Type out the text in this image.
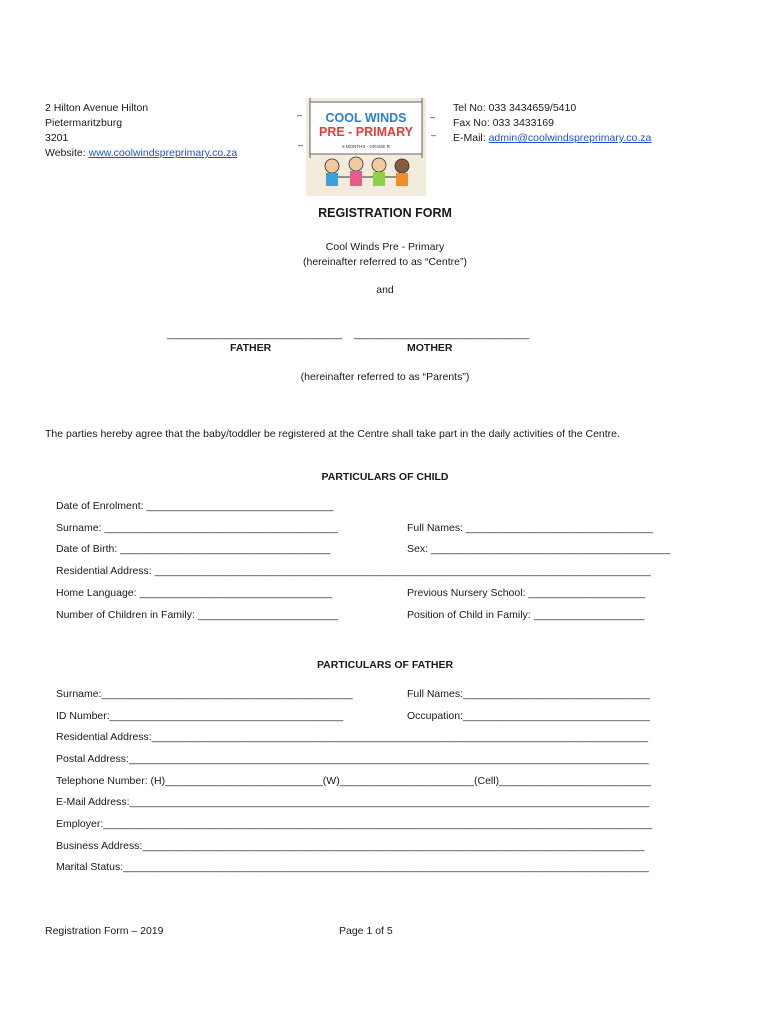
2 Hilton Avenue Hilton
Pietermaritzburg
3201
Website: www.coolwindspreprimary.co.za
COOL WINDS
PRE - PRIMARY
6 MONTHS - GRADE R
–
–
–
–
Tel No: 033 3434659/5410
Fax No: 033 3433169
E-Mail: admin@coolwindspreprimary.co.za
REGISTRATION FORM
Cool Winds Pre - Primary
(hereinafter referred to as “Centre”)
and
______________________________ ______________________________
FATHER	MOTHER
(hereinafter referred to as “Parents”)
The parties hereby agree that the baby/toddler be registered at the Centre shall take part in the daily activities of the Centre.
PARTICULARS OF CHILD
Date of Enrolment: ________________________________
Surname: ________________________________________	Full Names: ________________________________
Date of Birth: ____________________________________	Sex: _________________________________________
Residential Address: _____________________________________________________________________________________
Home Language: _________________________________	Previous Nursery School: ____________________
Number of Children in Family: ________________________	Position of Child in Family: ___________________
PARTICULARS OF FATHER
Surname:___________________________________________	Full Names:________________________________
ID Number:________________________________________	Occupation:________________________________
Residential Address:_____________________________________________________________________________________
Postal Address:_________________________________________________________________________________________
Telephone Number: (H)___________________________(W)_______________________(Cell)__________________________
E-Mail Address:_________________________________________________________________________________________
Employer:______________________________________________________________________________________________
Business Address:______________________________________________________________________________________
Marital Status:__________________________________________________________________________________________
Registration Form – 2019	Page 1 of 5
